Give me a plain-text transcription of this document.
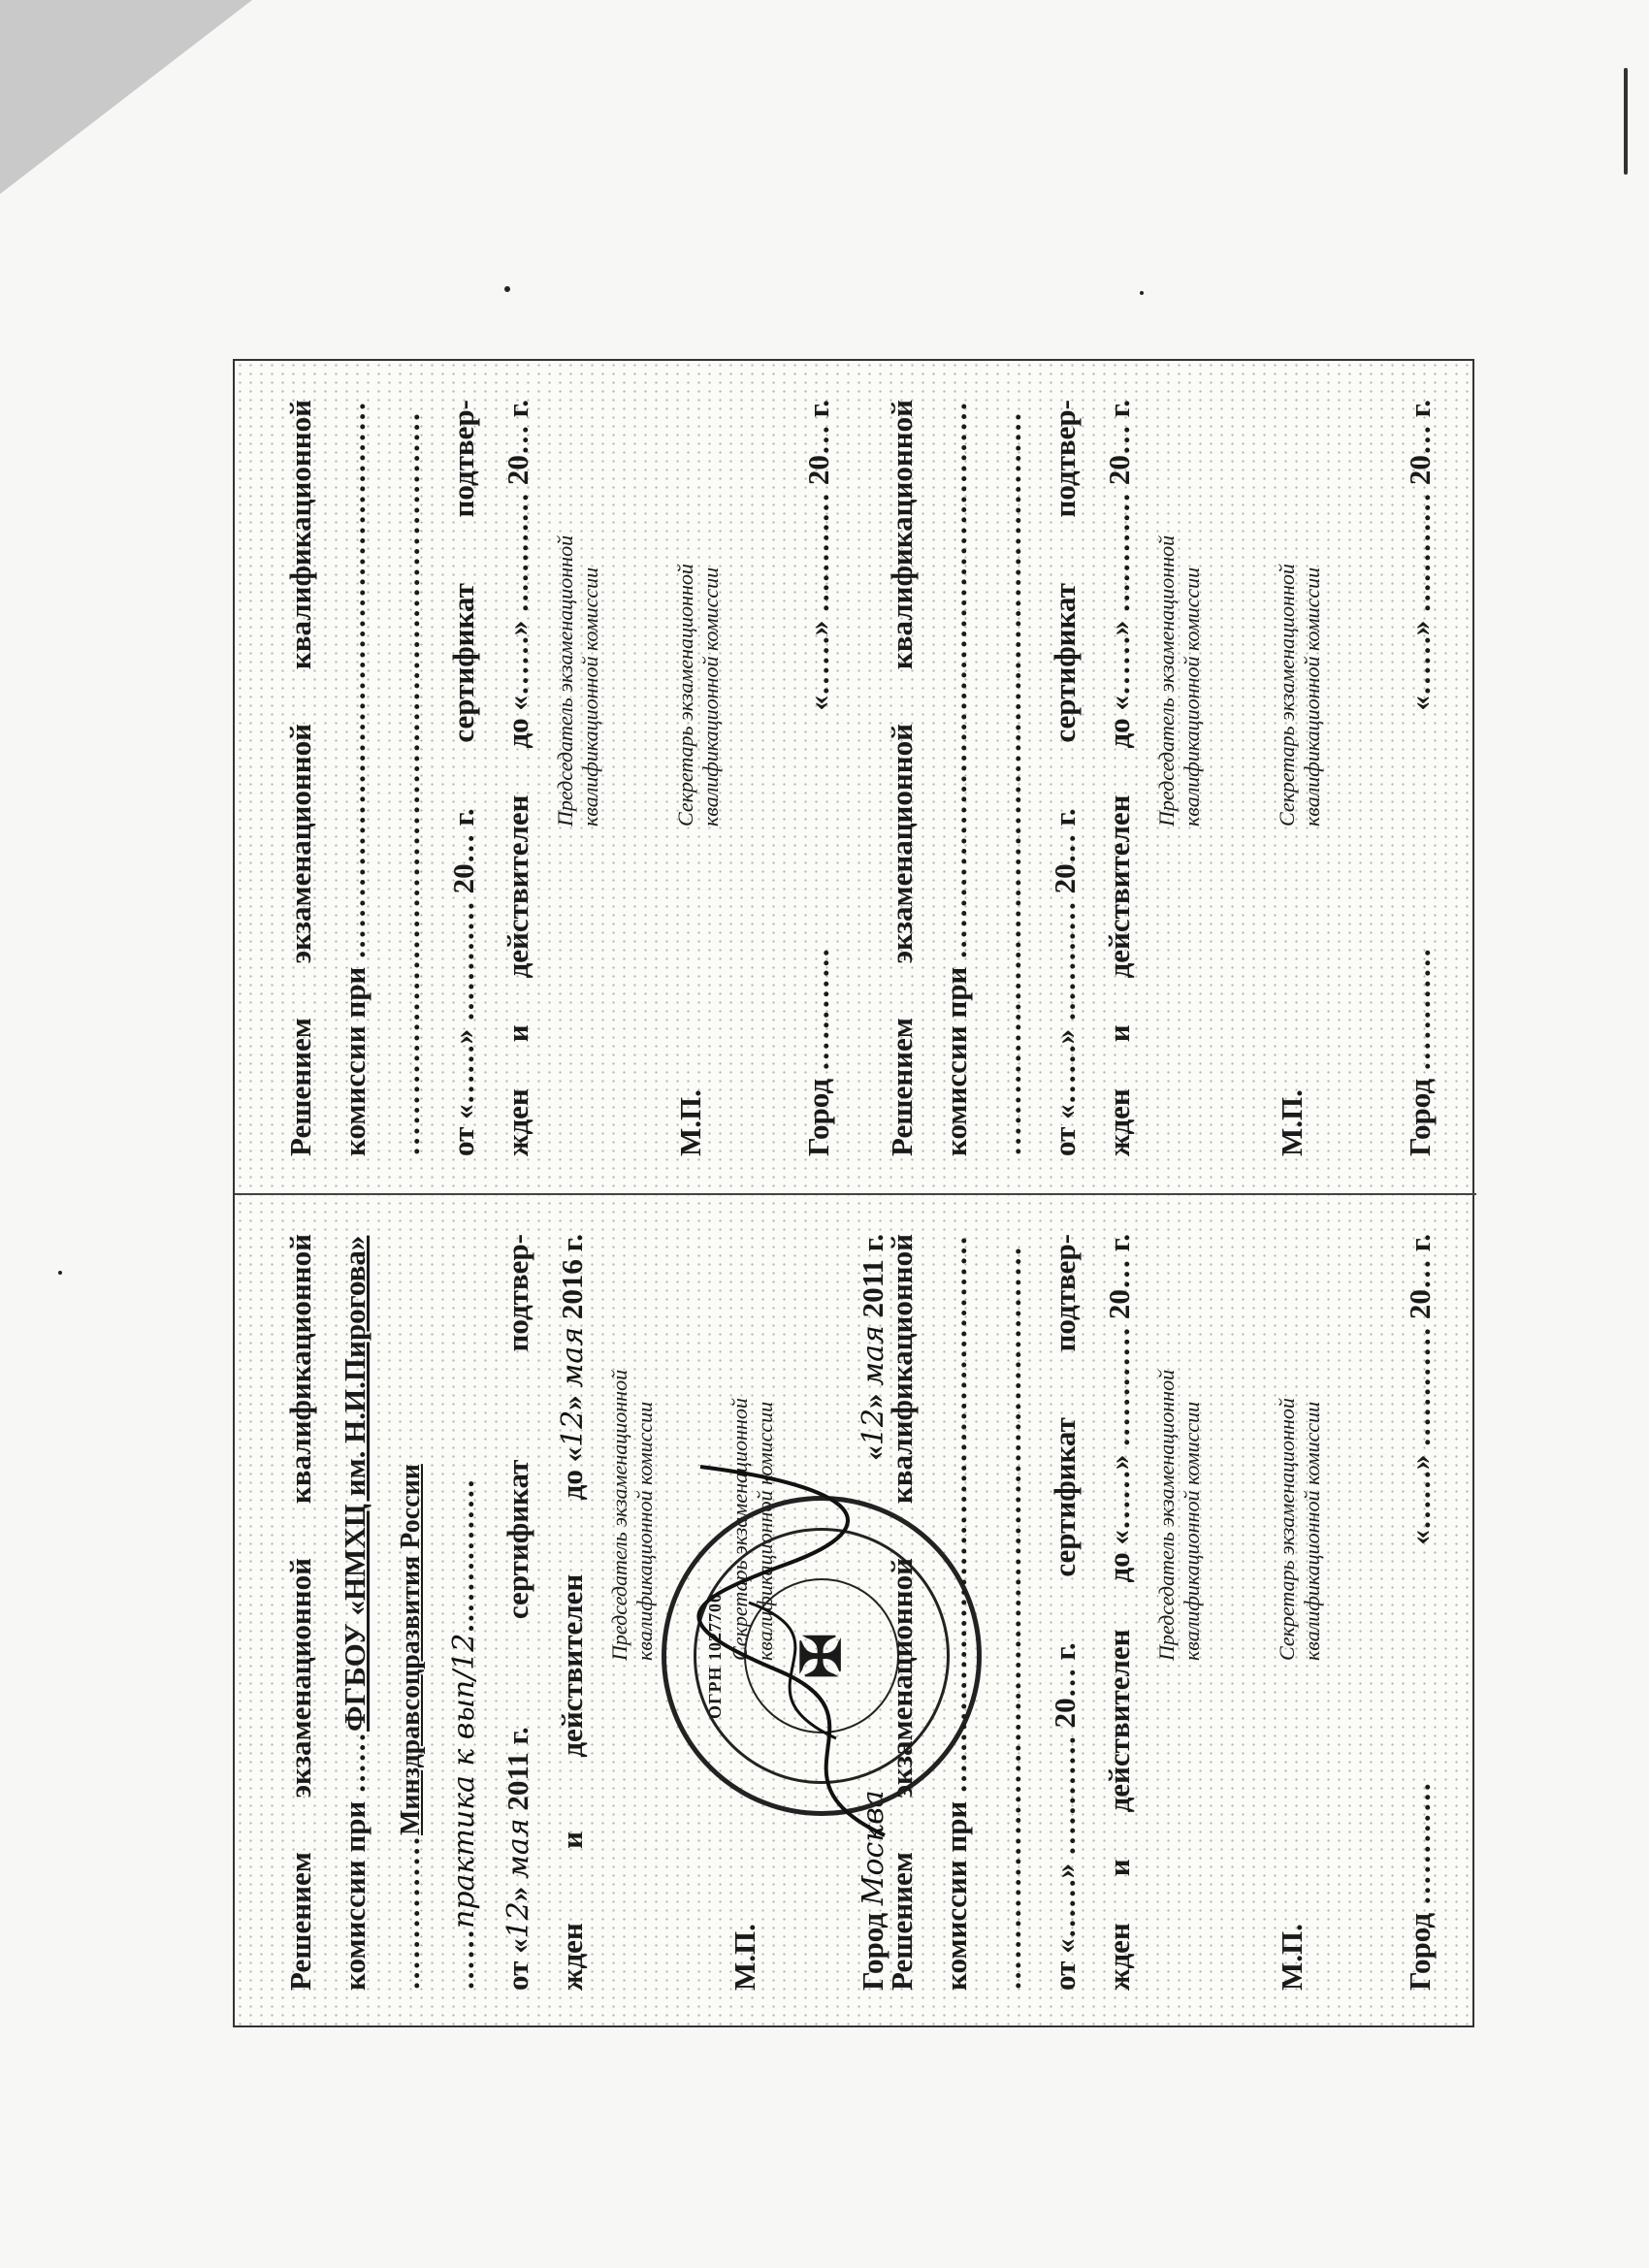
Решением
экзаменационной
квалификационной
комиссии при ……………………………………………… ……………………………………………………………… от «……» ………… 20… г.
сертификат
подтвер-
жден
и
действителен
до «……» ………… 20… г. Председатель экзаменационной квалификационной комиссии
М.П.
Секретарь экзаменационной квалификационной комиссии
Город …………
«……» ………… 20… г.
Решением
экзаменационной
квалификационной
комиссии при ……………………………………………… ……………………………………………………………… от «……» ………… 20… г.
сертификат
подтвер-
жден
и
действителен
до «……» ………… 20… г. Председатель экзаменационной квалификационной комиссии
М.П.
Секретарь экзаменационной квалификационной комиссии
Город …………
«……» ………… 20… г.
Решением
экзаменационной
квалификационной
комиссии при ……ФГБОУ «НМХЦ им. Н.И.Пирогова»
……………Минздравсоцразвития России
……практика к вып/12……………
от «12» мая 2011 г.
сертификат
подтвер-
жден
и
действителен
до «12» мая 2016 г.
Председатель экзаменационной квалификационной комиссии
М.П.
Секретарь экзаменационной квалификационной комиссии
Город Москва
«12» мая 2011 г.
ОГРН 1027700 ✠
Решением
экзаменационной
квалификационной
комиссии при ……………………………………………… ……………………………………………………………… от «……» ………… 20… г.
сертификат
подтвер-
жден
и
действителен
до «……» ………… 20… г. Председатель экзаменационной квалификационной комиссии
М.П.
Секретарь экзаменационной квалификационной комиссии
Город …………
«……» ………… 20… г.
